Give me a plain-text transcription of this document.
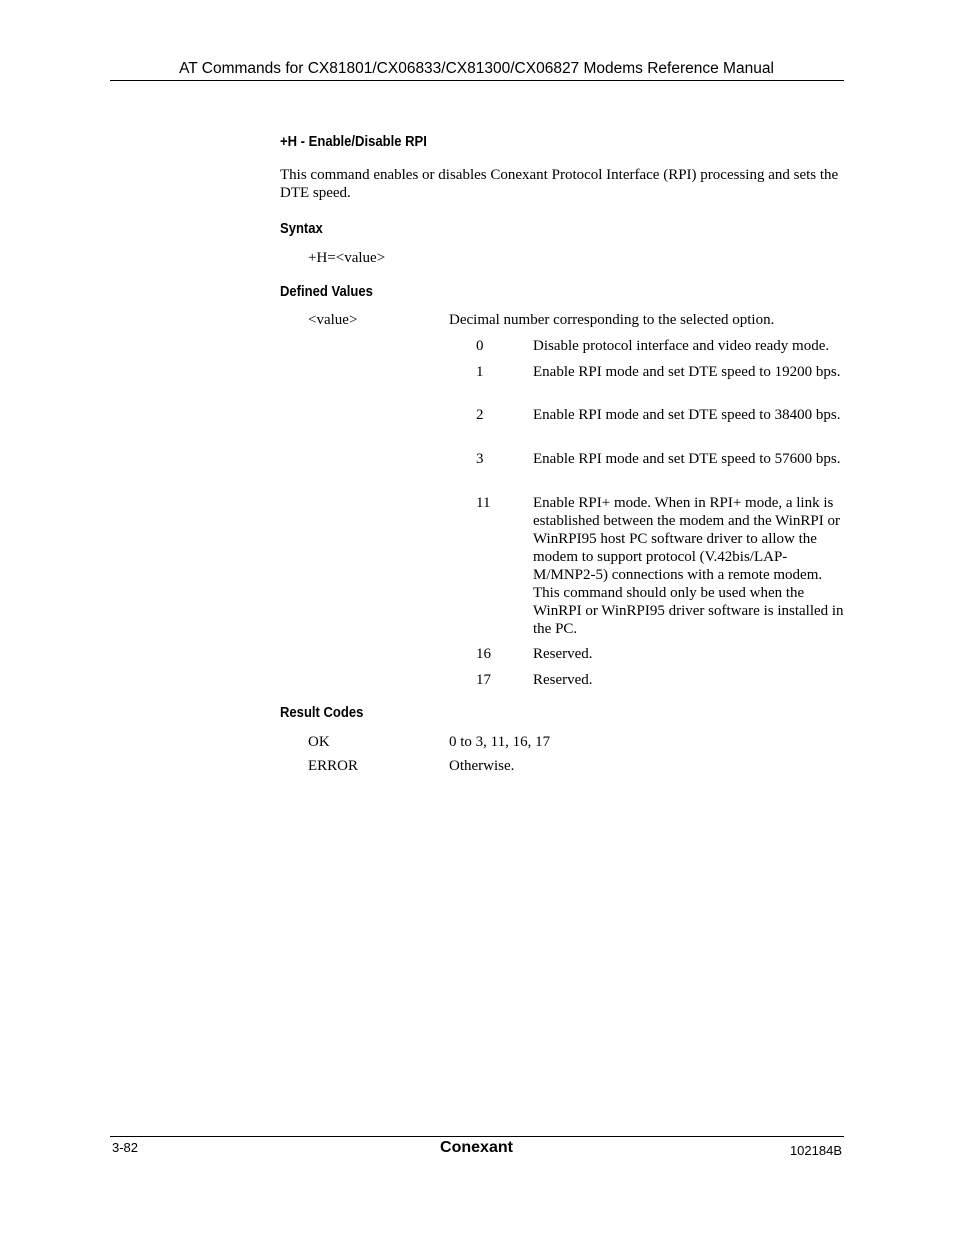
AT Commands for CX81801/CX06833/CX81300/CX06827 Modems Reference Manual
+H - Enable/Disable RPI
This command enables or disables Conexant Protocol Interface (RPI) processing and sets the DTE speed.
Syntax
+H=<value>
Defined Values
<value>	Decimal number corresponding to the selected option.
0	Disable protocol interface and video ready mode.
1	Enable RPI mode and set DTE speed to 19200 bps.
2	Enable RPI mode and set DTE speed to 38400 bps.
3	Enable RPI mode and set DTE speed to 57600 bps.
11	Enable RPI+ mode. When in RPI+ mode, a link is established between the modem and the WinRPI or WinRPI95 host PC software driver to allow the modem to support protocol (V.42bis/LAP-M/MNP2-5) connections with a remote modem. This command should only be used when the WinRPI or WinRPI95 driver software is installed in the PC.
16	Reserved.
17	Reserved.
Result Codes
OK	0 to 3, 11, 16, 17
ERROR	Otherwise.
3-82	Conexant	102184B
